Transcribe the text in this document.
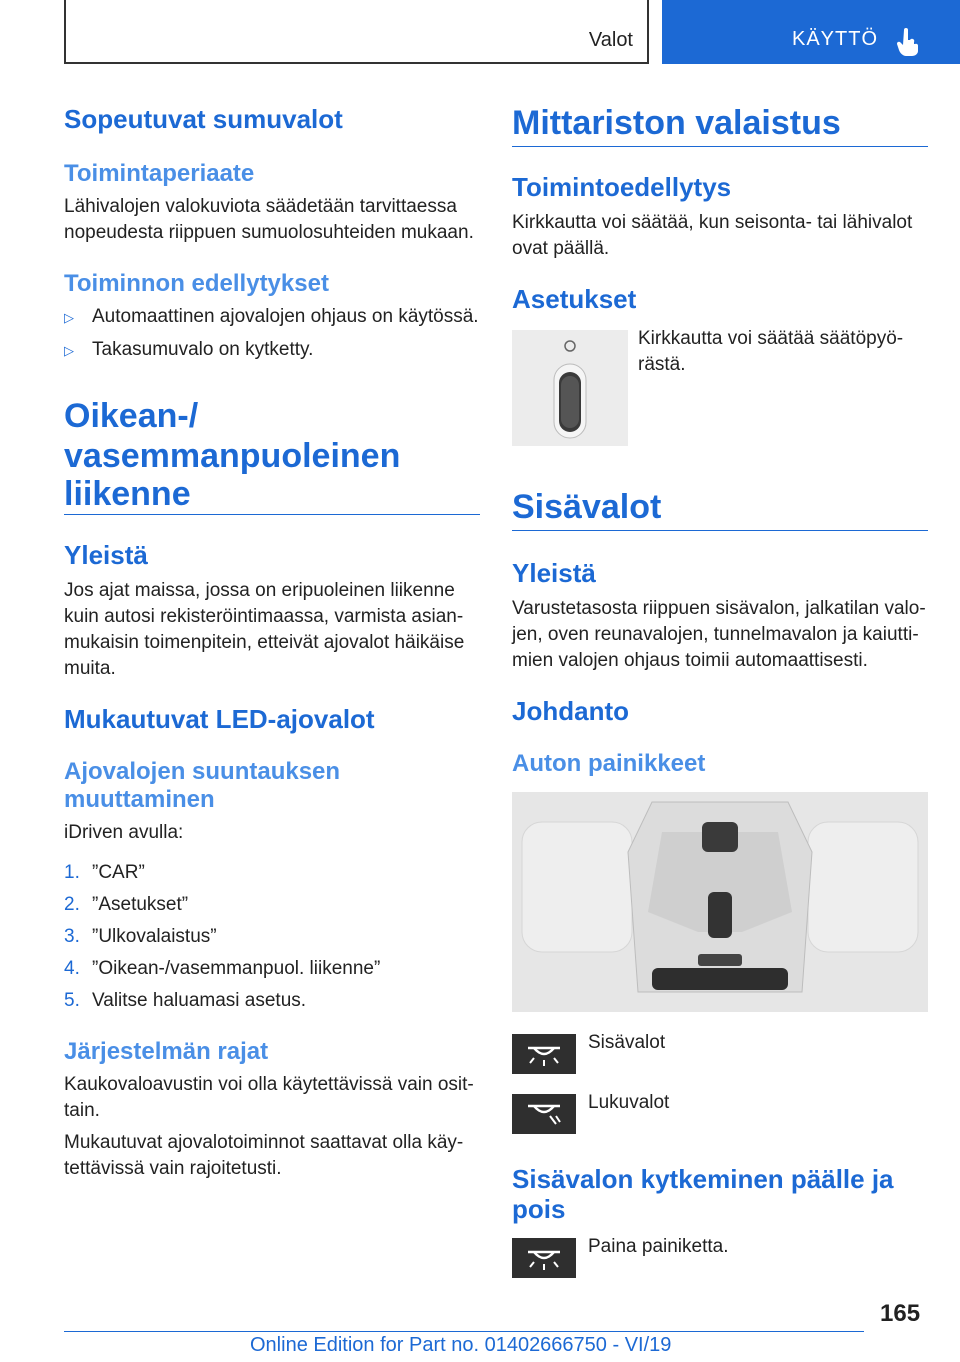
Valot	KÄYTTÖ
Sopeutuvat sumuvalot
Toimintaperiaate

Lähivalojen valokuviota säädetään tarvittaessa

nopeudesta riippuen sumuolosuhteiden mukaan.

Toiminnon edellytykset
▷ Automaattinen ajovalojen ohjaus on käytössä.
▷ Takasumuvalo on kytketty.
Oikean-/
vasemmanpuoleinen
liikenne
Yleistä

Jos ajat maissa, jossa on eripuoleinen liikenne

kuin autosi rekisteröintimaassa, varmista asian-

mukaisin toimenpitein, etteivät ajovalot häikäise

muita.

Mukautuvat LED-ajovalot
Ajovalojen suuntauksen
muuttaminen

iDriven avulla:

1. ”CAR”
2. ”Asetukset”
3. ”Ulkovalaistus”
4. ”Oikean-/vasemmanpuol. liikenne”
5. Valitse haluamasi asetus.
Järjestelmän rajat

Kaukovaloavustin voi olla käytettävissä vain osit-

tain.

Mukautuvat ajovalotoiminnot saattavat olla käy-

tettävissä vain rajoitetusti.

Mittariston valaistus
Toimintoedellytys

Kirkkautta voi säätää, kun seisonta- tai lähivalot

ovat päällä.

Asetukset

Kirkkautta voi säätää säätöpyö-

rästä.

Sisävalot
Yleistä

Varustetasosta riippuen sisävalon, jalkatilan valo-

jen, oven reunavalojen, tunnelmavalon ja kaiutti-

mien valojen ohjaus toimii automaattisesti.

Johdanto
Auton painikkeet

Sisävalot

Lukuvalot

Sisävalon kytkeminen päälle ja
pois

Paina painiketta.

165
Online Edition for Part no. 01402666750 - VI/19
